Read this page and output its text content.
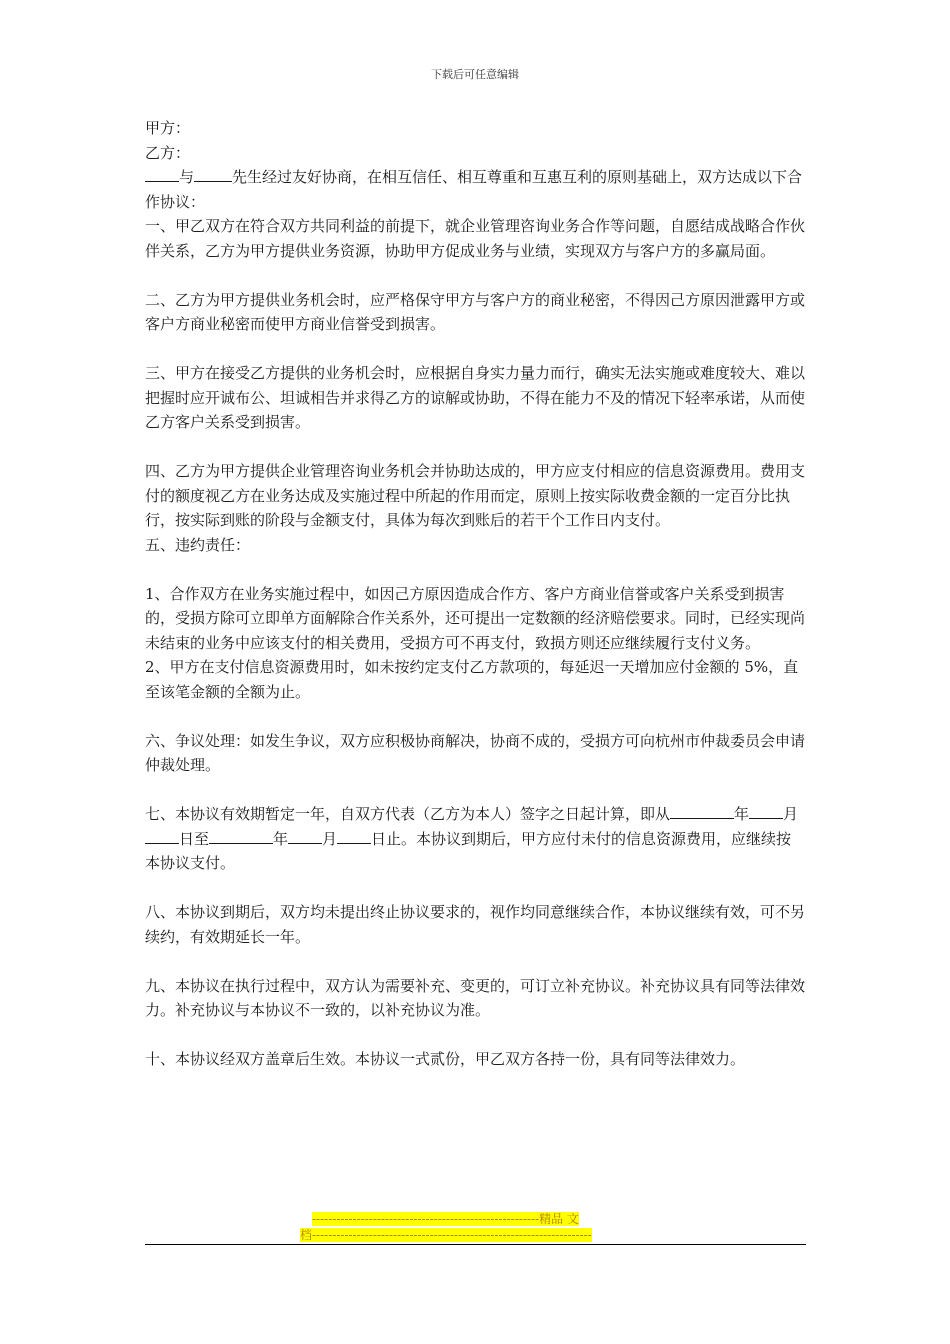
下载后可任意编辑

甲方：

乙方：

与	先生经过友好协商，在相互信任、相互尊重和互惠互利的原则基础上，双方达成以下合作协议：

一、甲乙双方在符合双方共同利益的前提下，就企业管理咨询业务合作等问题，自愿结成战略合作伙伴关系，乙方为甲方提供业务资源，协助甲方促成业务与业绩，实现双方与客户方的多赢局面。

二、乙方为甲方提供业务机会时，应严格保守甲方与客户方的商业秘密，不得因己方原因泄露甲方或客户方商业秘密而使甲方商业信誉受到损害。

三、甲方在接受乙方提供的业务机会时，应根据自身实力量力而行，确实无法实施或难度较大、难以把握时应开诚布公、坦诚相告并求得乙方的谅解或协助，不得在能力不及的情况下轻率承诺，从而使乙方客户关系受到损害。

四、乙方为甲方提供企业管理咨询业务机会并协助达成的，甲方应支付相应的信息资源费用。费用支付的额度视乙方在业务达成及实施过程中所起的作用而定，原则上按实际收费金额的一定百分比执行，按实际到账的阶段与金额支付，具体为每次到账后的若干个工作日内支付。

五、违约责任：

1、合作双方在业务实施过程中，如因己方原因造成合作方、客户方商业信誉或客户关系受到损害的，受损方除可立即单方面解除合作关系外，还可提出一定数额的经济赔偿要求。同时，已经实现尚未结束的业务中应该支付的相关费用，受损方可不再支付，致损方则还应继续履行支付义务。

2、甲方在支付信息资源费用时，如未按约定支付乙方款项的，每延迟一天增加应付金额的 5%，直至该笔金额的全额为止。

六、争议处理：如发生争议，双方应积极协商解决，协商不成的，受损方可向杭州市仲裁委员会申请仲裁处理。

七、本协议有效期暂定一年，自双方代表（乙方为本人）签字之日起计算，即从	年 月日至	年 月 日止。本协议到期后，甲方应付未付的信息资源费用，应继续按本协议支付。

八、本协议到期后，双方均未提出终止协议要求的，视作均同意继续合作，本协议继续有效，可不另续约，有效期延长一年。

九、本协议在执行过程中，双方认为需要补充、变更的，可订立补充协议。补充协议具有同等法律效力。补充协议与本协议不一致的，以补充协议为准。

十、本协议经双方盖章后生效。本协议一式贰份，甲乙双方各持一份，具有同等法律效力。

--------------------------------------------------------精品 文
档---------------------------------------------------------------------
